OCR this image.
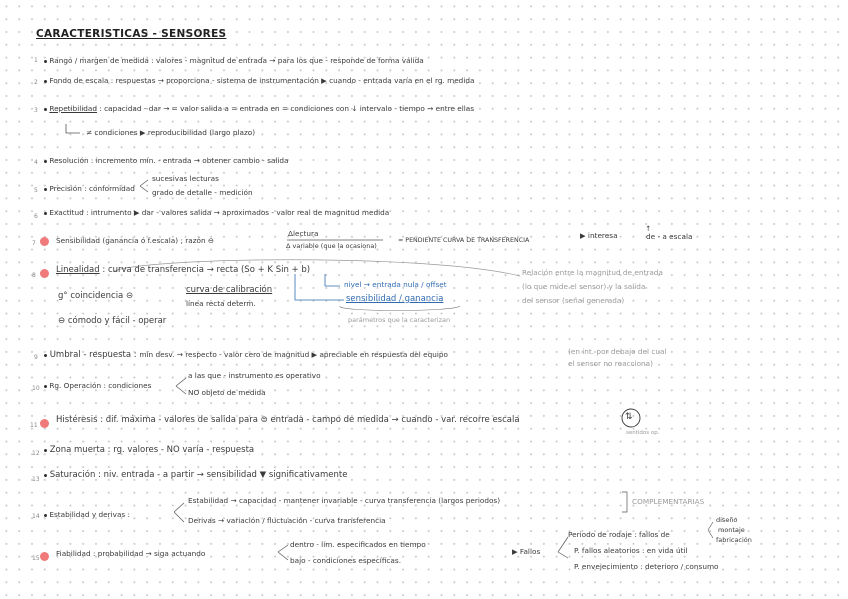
CARACTERISTICAS - SENSORES
1	Rango / margen de medida : valores - magnitud de entrada → para los que - responde de forma válida
2	Fondo de escala : respuestas → proporciona - sistema de instrumentación ▶ cuando - entrada varía en el rg. medida
3	Repetibilidad : capacidad - dar → = valor salida a = entrada en = condiciones con ↓ intervalo - tiempo → entre ellas
≠ condiciones ▶ reproducibilidad (largo plazo)
4	Resolución : incremento mín. - entrada → obtener cambio - salida
5	Precisión : conformidad
sucesivas lecturas
grado de detalle - medición
6	Exactitud : intrumento ▶ dar - valores salida → aproximados - valor real de magnitud medida
7	Sensibilidad (ganancia ó f.escala) ; razón ⊖
Δlectura
Δ variable (que la ocasiona)
≈ PENDIENTE CURVA DE TRANSFERENCIA
▶ interesa
↑
de - a escala
8
Linealidad : curva de transferencia → recta (So + K Sin + b)
nivel → entrada nula / offset
sensibilidad / ganancia
parámetros que la caracterizan
Relación entre la magnitud de entrada
(lo que mide el sensor) y la salida
del sensor (señal generada)
g° coincidencia ⊝
curva de calibración
línea recta determ.
⊖ cómodo y fácil - operar
9	Umbral - respuesta : mín desv. → respecto - valor cero de magnitud ▶ apreciable en respuesta del equipo	(en int. por debajo del cual
el sensor no reacciona)
10	Rg. Operación : condiciones
a las que - instrumento es operativo
NO objeto de medida
11
Histéresis : dif. máxima - valores de salida para ⊜ entrada - campo de medida → cuando - var. recorre escala	⇅
sentidos op.
12	Zona muerta : rg. valores - NO varía - respuesta
13	Saturación : niv. entrada - a partir → sensibilidad ▼ significativamente
14	Estabilidad y derivas :
Estabilidad → capacidad - mantener invariable - curva transferencia (largos periodos)
Derivas → variación / fluctuación - curva transferencia
COMPLEMENTARIAS
15
Fiabilidad : probabilidad → siga actuando
dentro - lím. especificados en tiempo
bajo - condiciones específicas.
▶ Fallos
Periodo de rodaje : fallos de
diseño
montaje
fabricación
P. fallos aleatorios : en vida útil
P. envejecimiento : deterioro / consumo
